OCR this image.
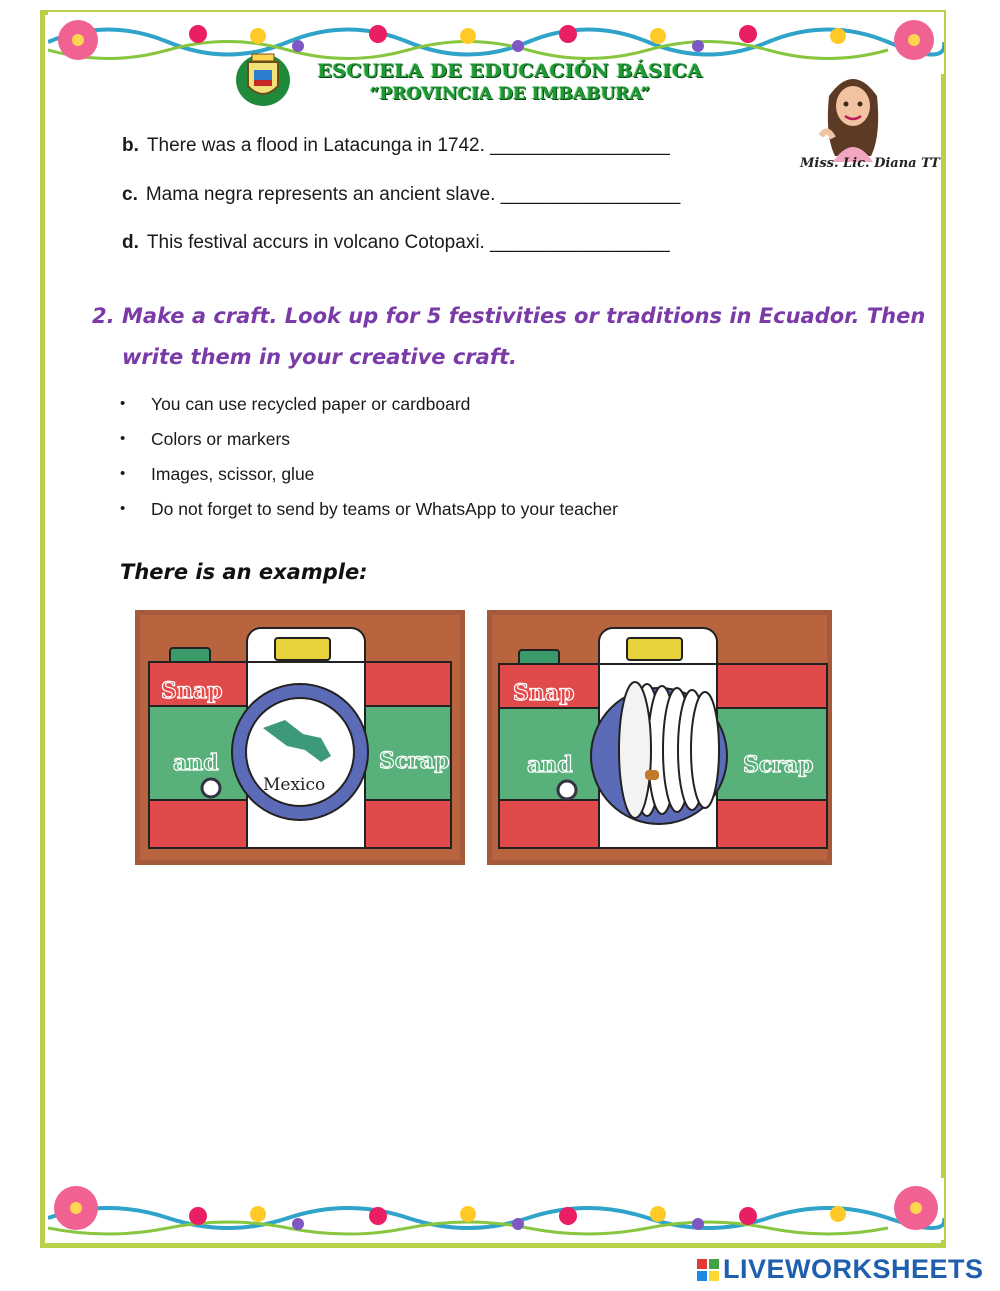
ESCUELA DE EDUCACIÓN BÁSICA
“PROVINCIA DE IMBABURA”
Miss. Lic. Diana TT
b. There was a flood in Latacunga in 1742. _________________
c. Mama negra represents an ancient slave. _________________
d. This festival accurs in volcano Cotopaxi. _________________
2. Make a craft. Look up for 5 festivities or traditions in Ecuador. Then
write them in your creative craft.
•	You can use recycled paper or cardboard
•	Colors or markers
•	Images, scissor, glue
•	Do not forget to send by teams or WhatsApp to your teacher
There is an example:
Snap
and	Scrap
Mexico
Snap
and	Scrap
LIVEWORKSHEETS
